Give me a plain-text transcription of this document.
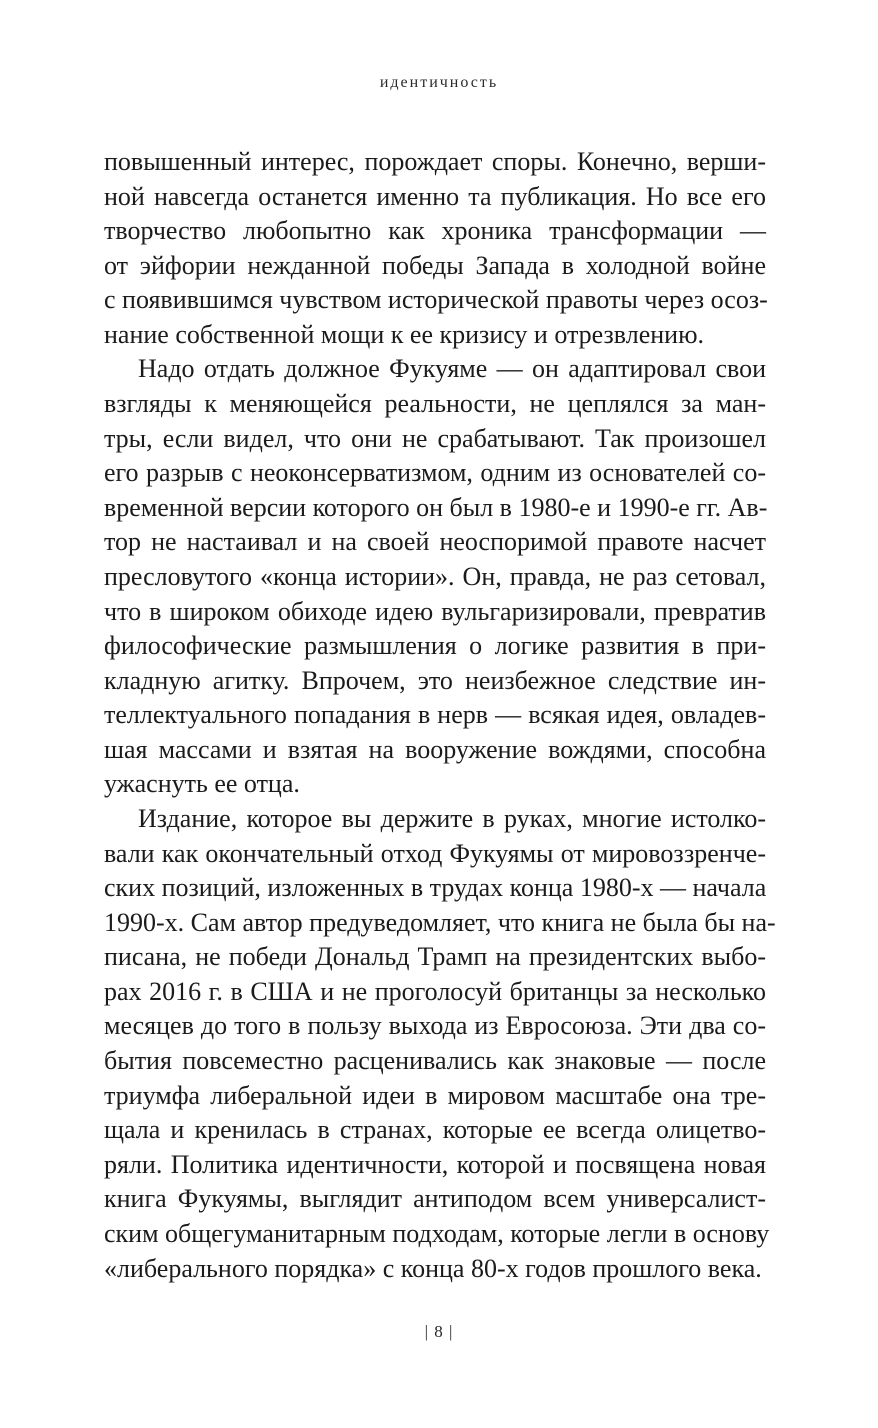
идентичность
повышенный интерес, порождает споры. Конечно, верши-
ной навсегда останется именно та публикация. Но все его
творчество любопытно как хроника трансформации —
от эйфории нежданной победы Запада в холодной войне
с появившимся чувством исторической правоты через осоз-
нание собственной мощи к ее кризису и отрезвлению.
Надо отдать должное Фукуяме — он адаптировал свои
взгляды к меняющейся реальности, не цеплялся за ман-
тры, если видел, что они не срабатывают. Так произошел
его разрыв с неоконсерватизмом, одним из основателей со-
временной версии которого он был в 1980-е и 1990-е гг. Ав-
тор не настаивал и на своей неоспоримой правоте насчет
пресловутого «конца истории». Он, правда, не раз сетовал,
что в широком обиходе идею вульгаризировали, превратив
философические размышления о логике развития в при-
кладную агитку. Впрочем, это неизбежное следствие ин-
теллектуального попадания в нерв — всякая идея, овладев-
шая массами и взятая на вооружение вождями, способна
ужаснуть ее отца.
Издание, которое вы держите в руках, многие истолко-
вали как окончательный отход Фукуямы от мировоззренче-
ских позиций, изложенных в трудах конца 1980-х — начала
1990-х. Сам автор предуведомляет, что книга не была бы на-
писана, не победи Дональд Трамп на президентских выбо-
рах 2016 г. в США и не проголосуй британцы за несколько
месяцев до того в пользу выхода из Евросоюза. Эти два со-
бытия повсеместно расценивались как знаковые — после
триумфа либеральной идеи в мировом масштабе она тре-
щала и кренилась в странах, которые ее всегда олицетво-
ряли. Политика идентичности, которой и посвящена новая
книга Фукуямы, выглядит антиподом всем универсалист-
ским общегуманитарным подходам, которые легли в основу
«либерального порядка» с конца 80-х годов прошлого века.
| 8 |
